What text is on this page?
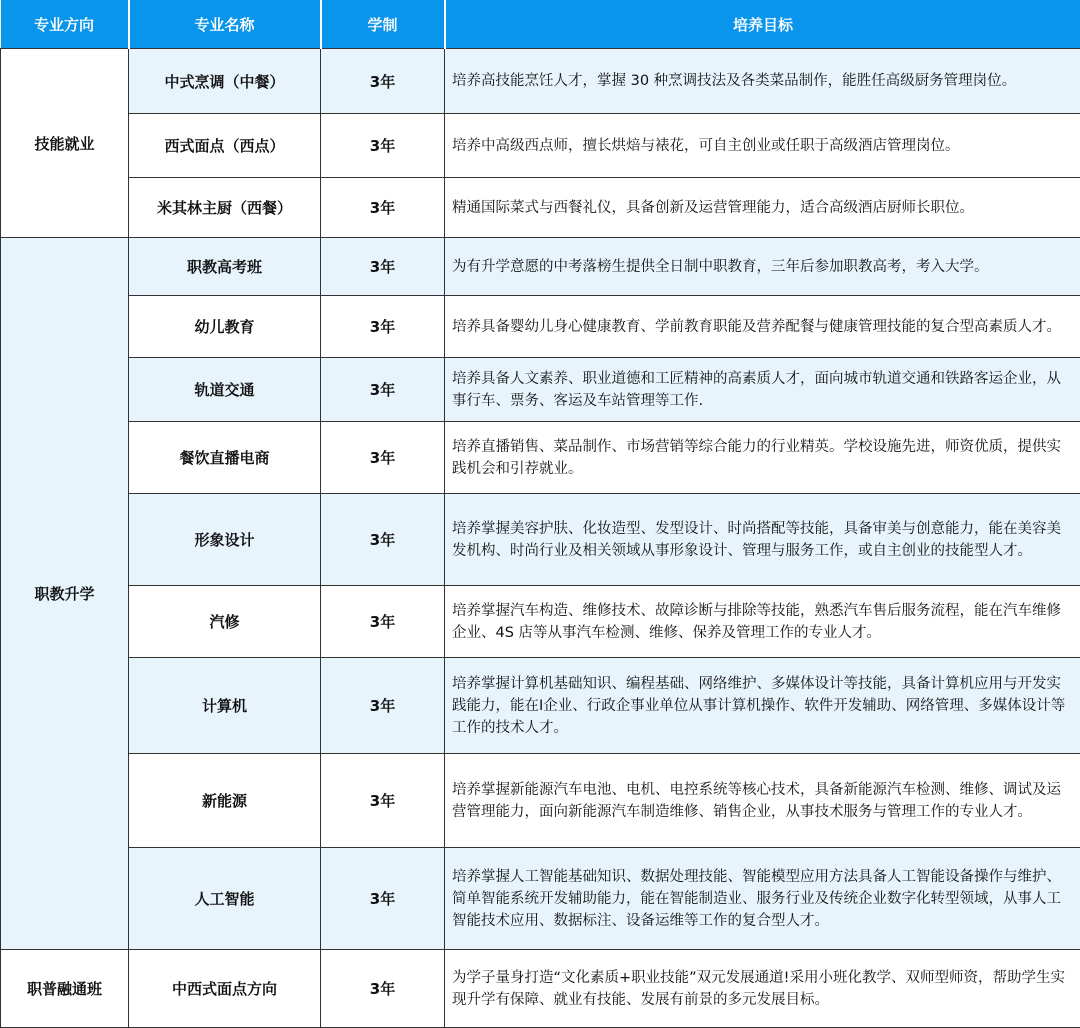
专业方向	专业名称	学制	培养目标
技能就业	中式烹调（中餐）	3年	培养高技能烹饪人才，掌握 30 种烹调技法及各类菜品制作，能胜任高级厨务管理岗位。
	西式面点（西点）	3年	培养中高级西点师，擅长烘焙与裱花，可自主创业或任职于高级酒店管理岗位。
	米其林主厨（西餐）	3年	精通国际菜式与西餐礼仪，具备创新及运营管理能力，适合高级酒店厨师长职位。
职教升学	职教高考班	3年	为有升学意愿的中考落榜生提供全日制中职教育，三年后参加职教高考，考入大学。
	幼儿教育	3年	培养具备婴幼儿身心健康教育、学前教育职能及营养配餐与健康管理技能的复合型高素质人才。
	轨道交通	3年	培养具备人文素养、职业道德和工匠精神的高素质人才，面向城市轨道交通和铁路客运企业，从事行车、票务、客运及车站管理等工作.
	餐饮直播电商	3年	培养直播销售、菜品制作、市场营销等综合能力的行业精英。学校设施先进，师资优质，提供实践机会和引荐就业。
	形象设计	3年	培养掌握美容护肤、化妆造型、发型设计、时尚搭配等技能，具备审美与创意能力，能在美容美发机构、时尚行业及相关领域从事形象设计、管理与服务工作，或自主创业的技能型人才。
	汽修	3年	培养掌握汽车构造、维修技术、故障诊断与排除等技能，熟悉汽车售后服务流程，能在汽车维修企业、4S 店等从事汽车检测、维修、保养及管理工作的专业人才。
	计算机	3年	培养掌握计算机基础知识、编程基础、网络维护、多媒体设计等技能，具备计算机应用与开发实践能力，能在I企业、行政企事业单位从事计算机操作、软件开发辅助、网络管理、多媒体设计等工作的技术人才。
	新能源	3年	培养掌握新能源汽车电池、电机、电控系统等核心技术，具备新能源汽车检测、维修、调试及运营管理能力，面向新能源汽车制造维修、销售企业，从事技术服务与管理工作的专业人才。
	人工智能	3年	培养掌握人工智能基础知识、数据处理技能、智能模型应用方法具备人工智能设备操作与维护、简单智能系统开发辅助能力，能在智能制造业、服务行业及传统企业数字化转型领域，从事人工智能技术应用、数据标注、设备运维等工作的复合型人才。
职普融通班	中西式面点方向	3年	为学子量身打造“文化素质+职业技能”双元发展通道!采用小班化教学、双师型师资，帮助学生实现升学有保障、就业有技能、发展有前景的多元发展目标。
